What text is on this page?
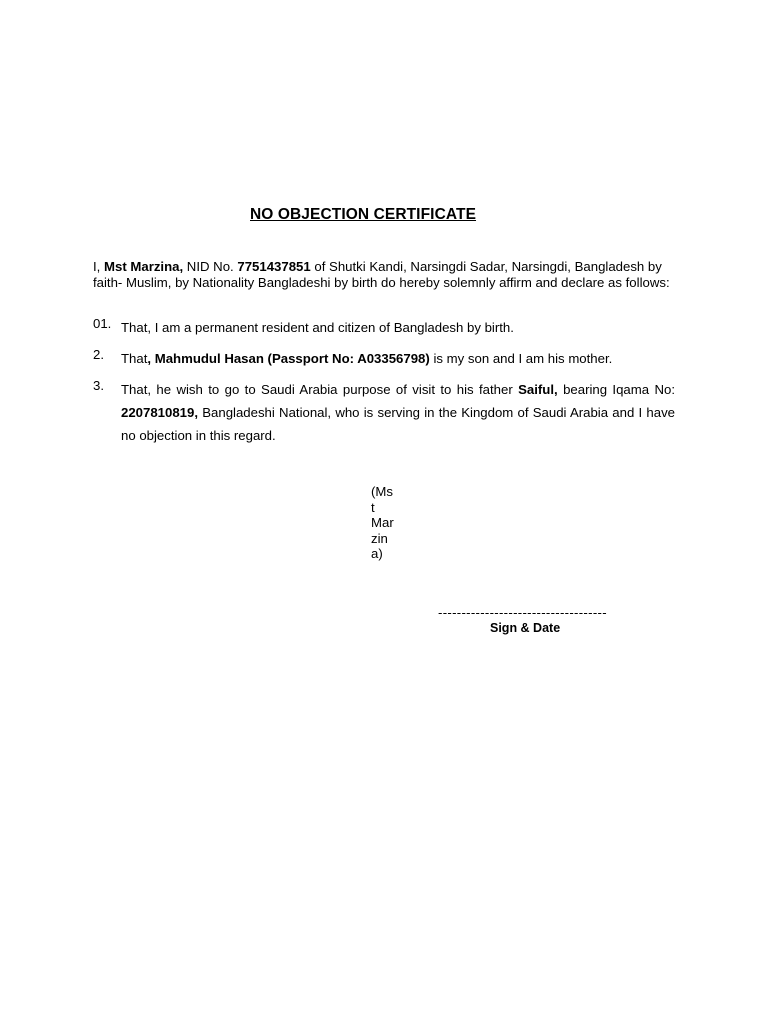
NO OBJECTION CERTIFICATE
I, Mst Marzina, NID No. 7751437851 of Shutki Kandi, Narsingdi Sadar, Narsingdi, Bangladesh by faith- Muslim, by Nationality Bangladeshi by birth do hereby solemnly affirm and declare as follows:
01. That, I am a permanent resident and citizen of Bangladesh by birth.
2. That, Mahmudul Hasan (Passport No: A03356798) is my son and I am his mother.
3. That, he wish to go to Saudi Arabia purpose of visit to his father Saiful, bearing Iqama No: 2207810819, Bangladeshi National, who is serving in the Kingdom of Saudi Arabia and I have no objection in this regard.
(Ms
t
Mar
zin
a)
------------------------------------
Sign & Date
